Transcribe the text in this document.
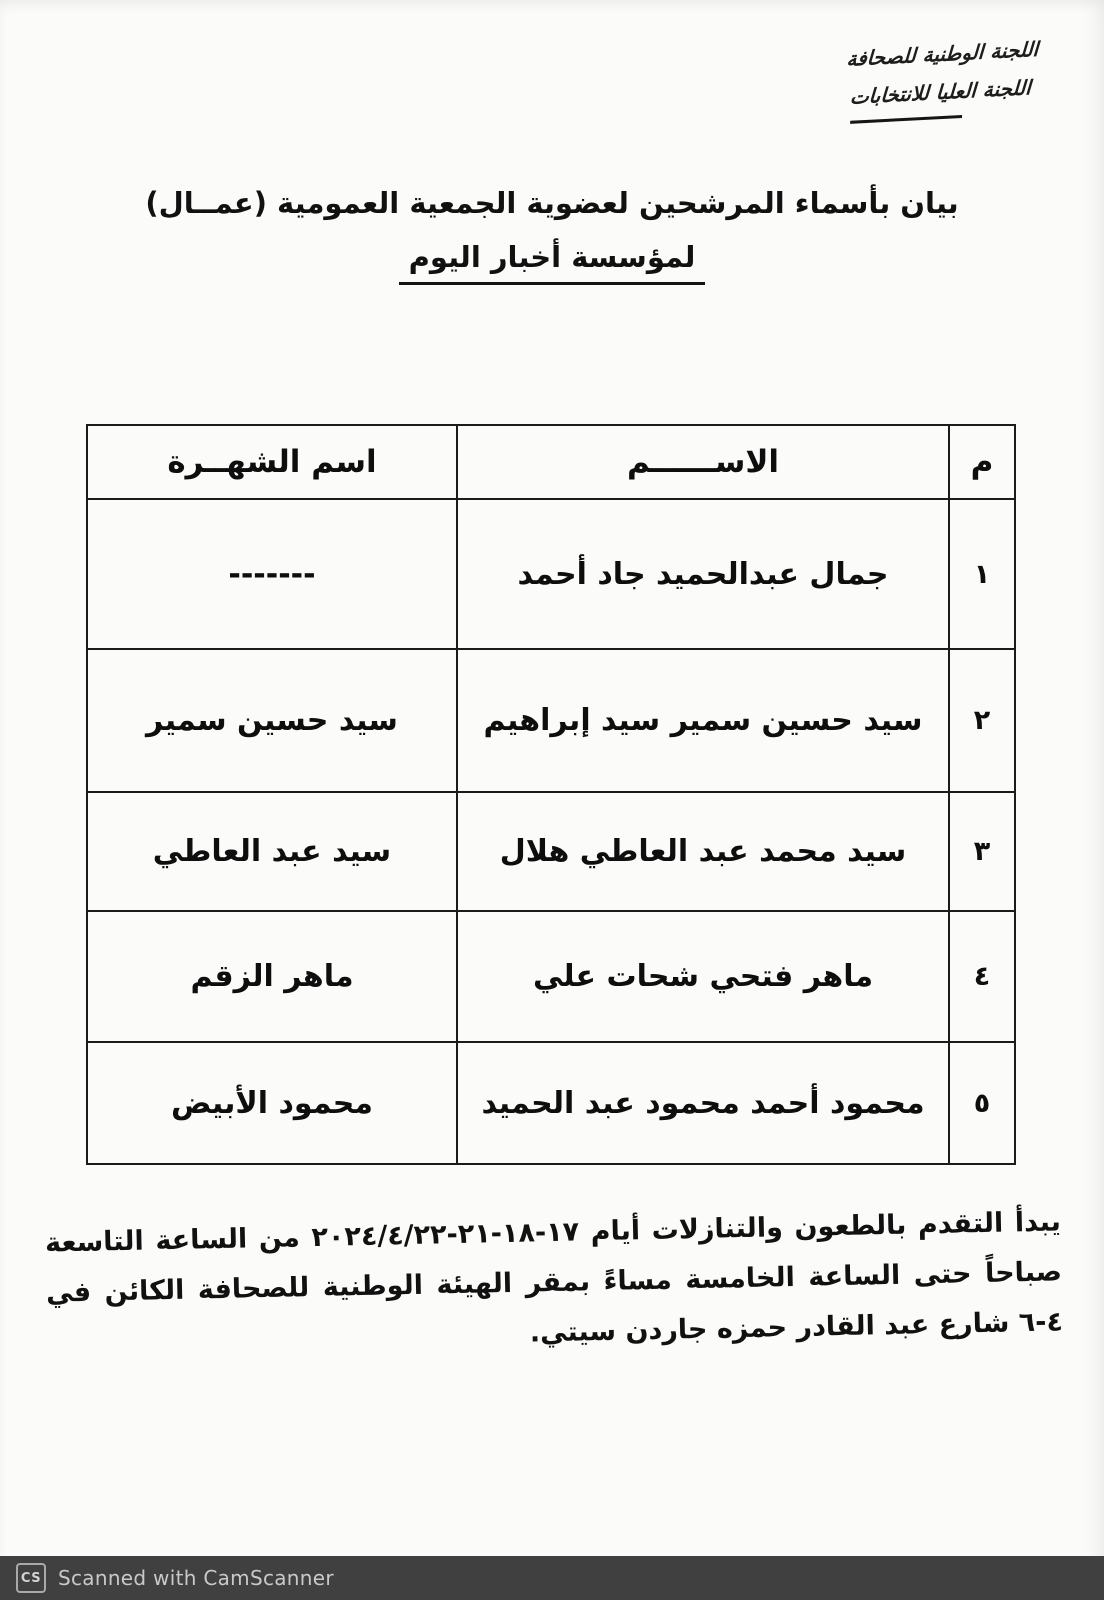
اللجنة الوطنية للصحافة
اللجنة العليا للانتخابات
بيان بأسماء المرشحين لعضوية الجمعية العمومية (عمــال)
لمؤسسة أخبار اليوم
م	الاســــــم	اسم الشهــرة
١	جمال عبدالحميد جاد أحمد	-------
٢	سيد حسين سمير سيد إبراهيم	سيد حسين سمير
٣	سيد محمد عبد العاطي هلال	سيد عبد العاطي
٤	ماهر فتحي شحات علي	ماهر الزقم
٥	محمود أحمد محمود عبد الحميد	محمود الأبيض
يبدأ التقدم بالطعون والتنازلات أيام ١٧-١٨-٢١-٢٢‏/‏٤‏/‏٢٠٢٤ من الساعة التاسعة صباحاً حتى الساعة الخامسة مساءً بمقر الهيئة الوطنية للصحافة الكائن في ٤-٦ شارع عبد القادر حمزه جاردن سيتي.
CS Scanned with CamScanner
